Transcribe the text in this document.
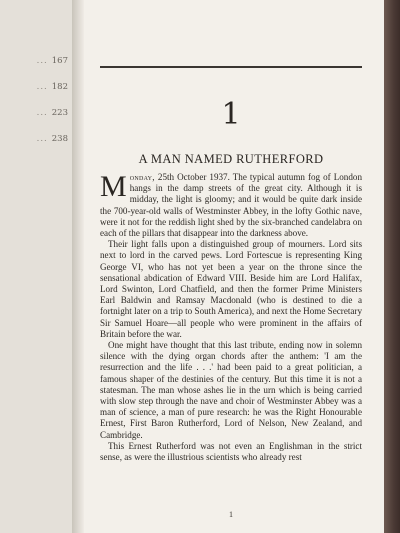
... 167
... 182
... 223
... 238
1
A MAN NAMED RUTHERFORD

Monday, 25th October 1937. The typical autumn fog of London hangs in the damp streets of the great city. Although it is midday, the light is gloomy; and it would be quite dark inside the 700-year-old walls of Westminster Abbey, in the lofty Gothic nave, were it not for the reddish light shed by the six-branched candelabra on each of the pillars that disappear into the darkness above.

Their light falls upon a distinguished group of mourners. Lord sits next to lord in the carved pews. Lord Fortescue is representing King George VI, who has not yet been a year on the throne since the sensational abdication of Edward VIII. Beside him are Lord Halifax, Lord Swinton, Lord Chatfield, and then the former Prime Ministers Earl Baldwin and Ramsay Macdonald (who is destined to die a fortnight later on a trip to South America), and next the Home Secretary Sir Samuel Hoare—all people who were prominent in the affairs of Britain before the war.

One might have thought that this last tribute, ending now in solemn silence with the dying organ chords after the anthem: 'I am the resurrection and the life . . .' had been paid to a great politician, a famous shaper of the destinies of the century. But this time it is not a statesman. The man whose ashes lie in the urn which is being carried with slow step through the nave and choir of Westminster Abbey was a man of science, a man of pure research: he was the Right Honourable Ernest, First Baron Rutherford, Lord of Nelson, New Zealand, and Cambridge.

This Ernest Rutherford was not even an Englishman in the strict sense, as were the illustrious scientists who already rest

1
